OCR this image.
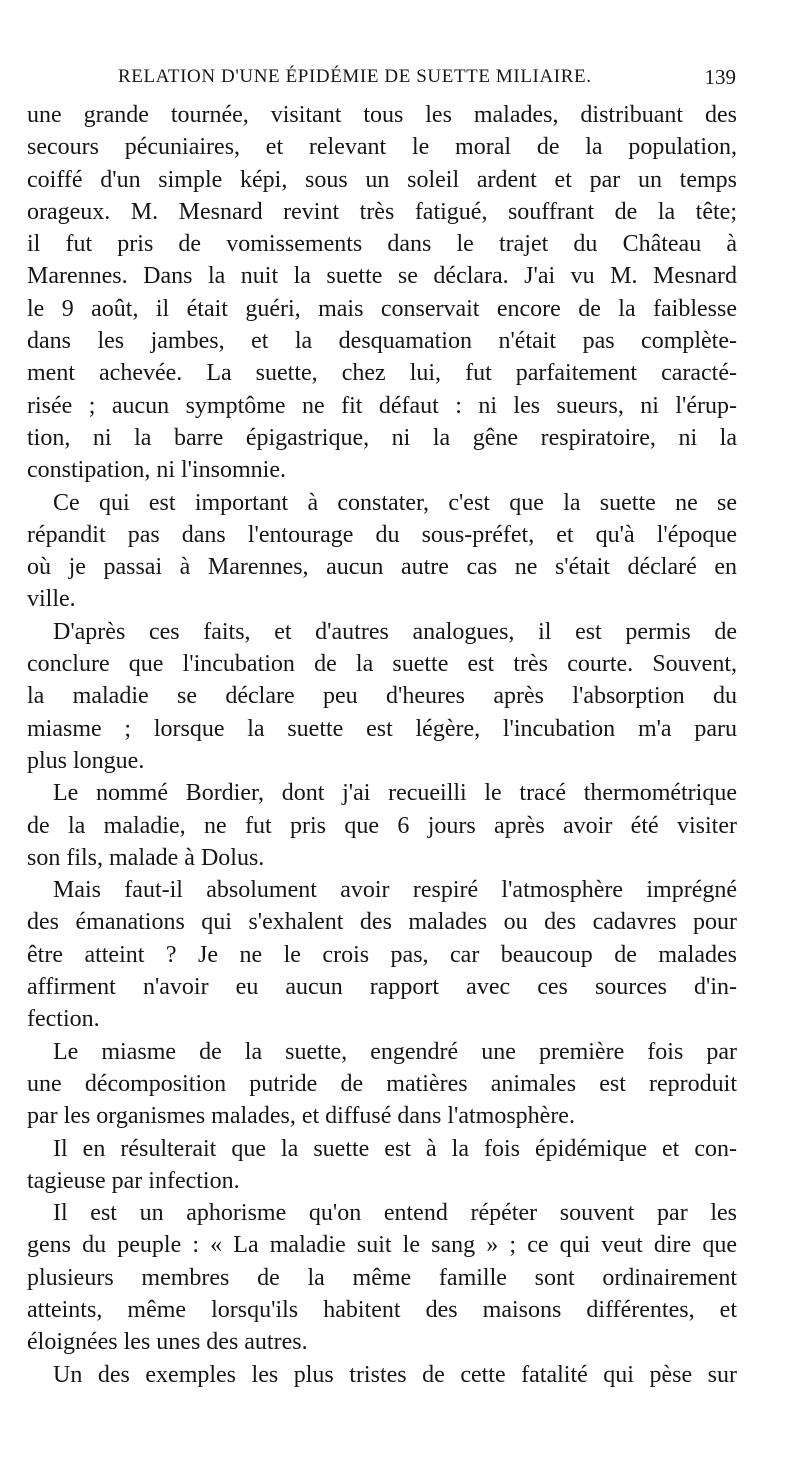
RELATION D'UNE ÉPIDÉMIE DE SUETTE MILIAIRE.	139
une grande tournée, visitant tous les malades, distribuant des
secours pécuniaires, et relevant le moral de la population,
coiffé d'un simple képi, sous un soleil ardent et par un temps
orageux. M. Mesnard revint très fatigué, souffrant de la tête;
il fut pris de vomissements dans le trajet du Château à
Marennes. Dans la nuit la suette se déclara. J'ai vu M. Mesnard
le 9 août, il était guéri, mais conservait encore de la faiblesse
dans les jambes, et la desquamation n'était pas complète-
ment achevée. La suette, chez lui, fut parfaitement caracté-
risée ; aucun symptôme ne fit défaut : ni les sueurs, ni l'érup-
tion, ni la barre épigastrique, ni la gêne respiratoire, ni la
constipation, ni l'insomnie.
Ce qui est important à constater, c'est que la suette ne se
répandit pas dans l'entourage du sous-préfet, et qu'à l'époque
où je passai à Marennes, aucun autre cas ne s'était déclaré en
ville.
D'après ces faits, et d'autres analogues, il est permis de
conclure que l'incubation de la suette est très courte. Souvent,
la maladie se déclare peu d'heures après l'absorption du
miasme ; lorsque la suette est légère, l'incubation m'a paru
plus longue.
Le nommé Bordier, dont j'ai recueilli le tracé thermométrique
de la maladie, ne fut pris que 6 jours après avoir été visiter
son fils, malade à Dolus.
Mais faut-il absolument avoir respiré l'atmosphère imprégné
des émanations qui s'exhalent des malades ou des cadavres pour
être atteint ? Je ne le crois pas, car beaucoup de malades
affirment n'avoir eu aucun rapport avec ces sources d'in-
fection.
Le miasme de la suette, engendré une première fois par
une décomposition putride de matières animales est reproduit
par les organismes malades, et diffusé dans l'atmosphère.
Il en résulterait que la suette est à la fois épidémique et con-
tagieuse par infection.
Il est un aphorisme qu'on entend répéter souvent par les
gens du peuple : « La maladie suit le sang » ; ce qui veut dire que
plusieurs membres de la même famille sont ordinairement
atteints, même lorsqu'ils habitent des maisons différentes, et
éloignées les unes des autres.
Un des exemples les plus tristes de cette fatalité qui pèse sur
